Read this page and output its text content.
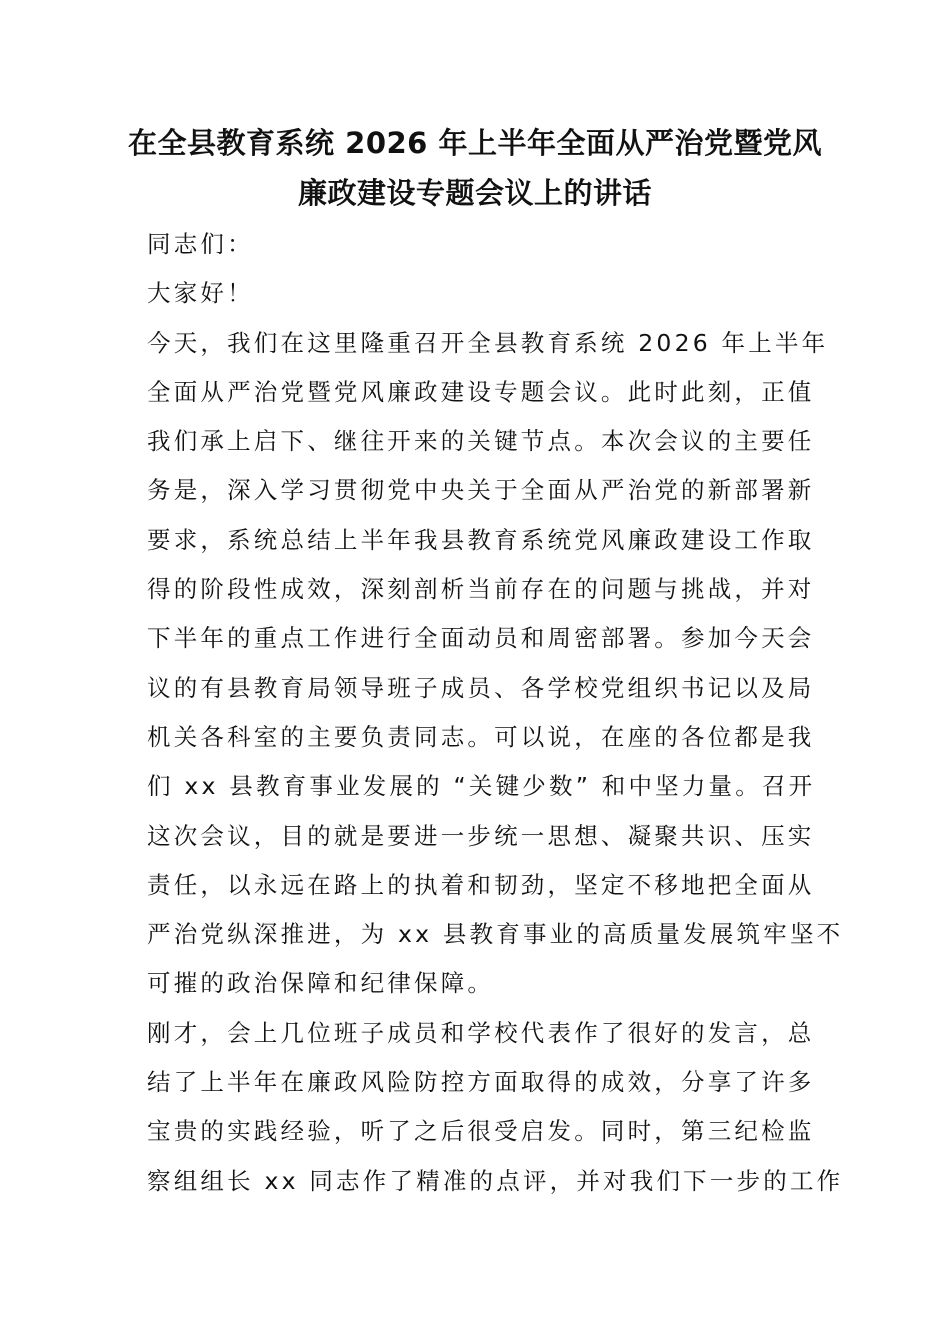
在全县教育系统 2026 年上半年全面从严治党暨党风
廉政建设专题会议上的讲话
同志们：
大家好！
今天，我们在这里隆重召开全县教育系统 2026 年上半年
全面从严治党暨党风廉政建设专题会议。此时此刻，正值
我们承上启下、继往开来的关键节点。本次会议的主要任
务是，深入学习贯彻党中央关于全面从严治党的新部署新
要求，系统总结上半年我县教育系统党风廉政建设工作取
得的阶段性成效，深刻剖析当前存在的问题与挑战，并对
下半年的重点工作进行全面动员和周密部署。参加今天会
议的有县教育局领导班子成员、各学校党组织书记以及局
机关各科室的主要负责同志。可以说，在座的各位都是我
们 xx 县教育事业发展的 “关键少数” 和中坚力量。召开
这次会议，目的就是要进一步统一思想、凝聚共识、压实
责任，以永远在路上的执着和韧劲，坚定不移地把全面从
严治党纵深推进，为 xx 县教育事业的高质量发展筑牢坚不
可摧的政治保障和纪律保障。
刚才，会上几位班子成员和学校代表作了很好的发言，总
结了上半年在廉政风险防控方面取得的成效，分享了许多
宝贵的实践经验，听了之后很受启发。同时，第三纪检监
察组组长 xx 同志作了精准的点评，并对我们下一步的工作
